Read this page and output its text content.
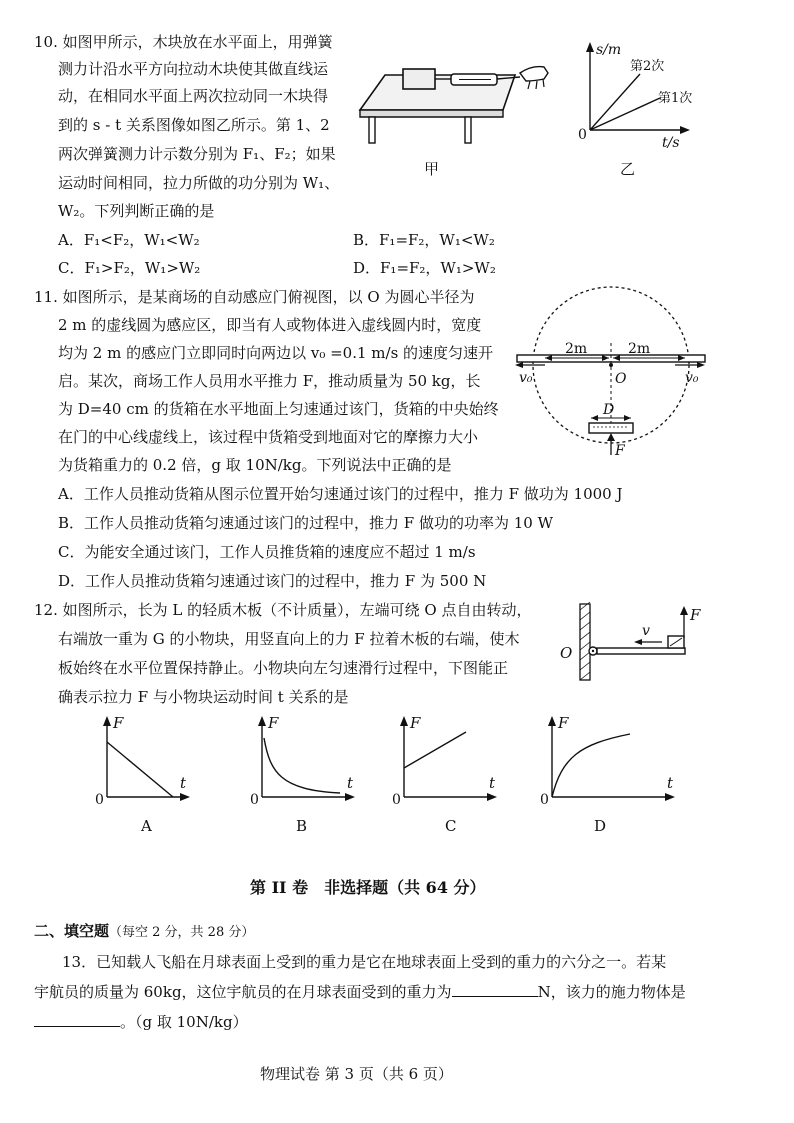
10. 如图甲所示，木块放在水平面上，用弹簧
测力计沿水平方向拉动木块使其做直线运
动，在相同水平面上两次拉动同一木块得
到的 s - t 关系图像如图乙所示。第 1、2
两次弹簧测力计示数分别为 F₁、F₂；如果
运动时间相同，拉力所做的功分别为 W₁、
W₂。下列判断正确的是
A．F₁<F₂，W₁<W₂	B．F₁=F₂，W₁<W₂
C．F₁>F₂，W₁>W₂	D．F₁=F₂，W₁>W₂
甲
s/m
0	t/s
第2次
第1次
乙
11. 如图所示，是某商场的自动感应门俯视图，以 O 为圆心半径为
2 m 的虚线圆为感应区，即当有人或物体进入虚线圆内时，宽度
均为 2 m 的感应门立即同时向两边以 v₀ =0.1 m/s 的速度匀速开
启。某次，商场工作人员用水平推力 F，推动质量为 50 kg，长
为 D=40 cm 的货箱在水平地面上匀速通过该门，货箱的中央始终
在门的中心线虚线上，该过程中货箱受到地面对它的摩擦力大小
为货箱重力的 0.2 倍，g 取 10N/kg。下列说法中正确的是
A．工作人员推动货箱从图示位置开始匀速通过该门的过程中，推力 F 做功为 1000 J
B．工作人员推动货箱匀速通过该门的过程中，推力 F 做功的功率为 10 W
C．为能安全通过该门，工作人员推货箱的速度应不超过 1 m/s
D．工作人员推动货箱匀速通过该门的过程中，推力 F 为 500 N
2m	2m
v₀	v₀
O
D
F
12. 如图所示，长为 L 的轻质木板（不计质量），左端可绕 O 点自由转动，
右端放一重为 G 的小物块，用竖直向上的力 F 拉着木板的右端，使木
板始终在水平位置保持静止。小物块向左匀速滑行过程中，下图能正
确表示拉力 F 与小物块运动时间 t 关系的是
O
v
F
F
t
0
A
F
t
0
B
F
t
0
C
F
t
0
D
第 II 卷　非选择题（共 64 分）
二、填空题（每空 2 分，共 28 分）
13．已知载人飞船在月球表面上受到的重力是它在地球表面上受到的重力的六分之一。若某
宇航员的质量为 60kg，这位宇航员的在月球表面受到的重力为	N，该力的施力物体是
。（g 取 10N/kg）
物理试卷 第 3 页（共 6 页）
